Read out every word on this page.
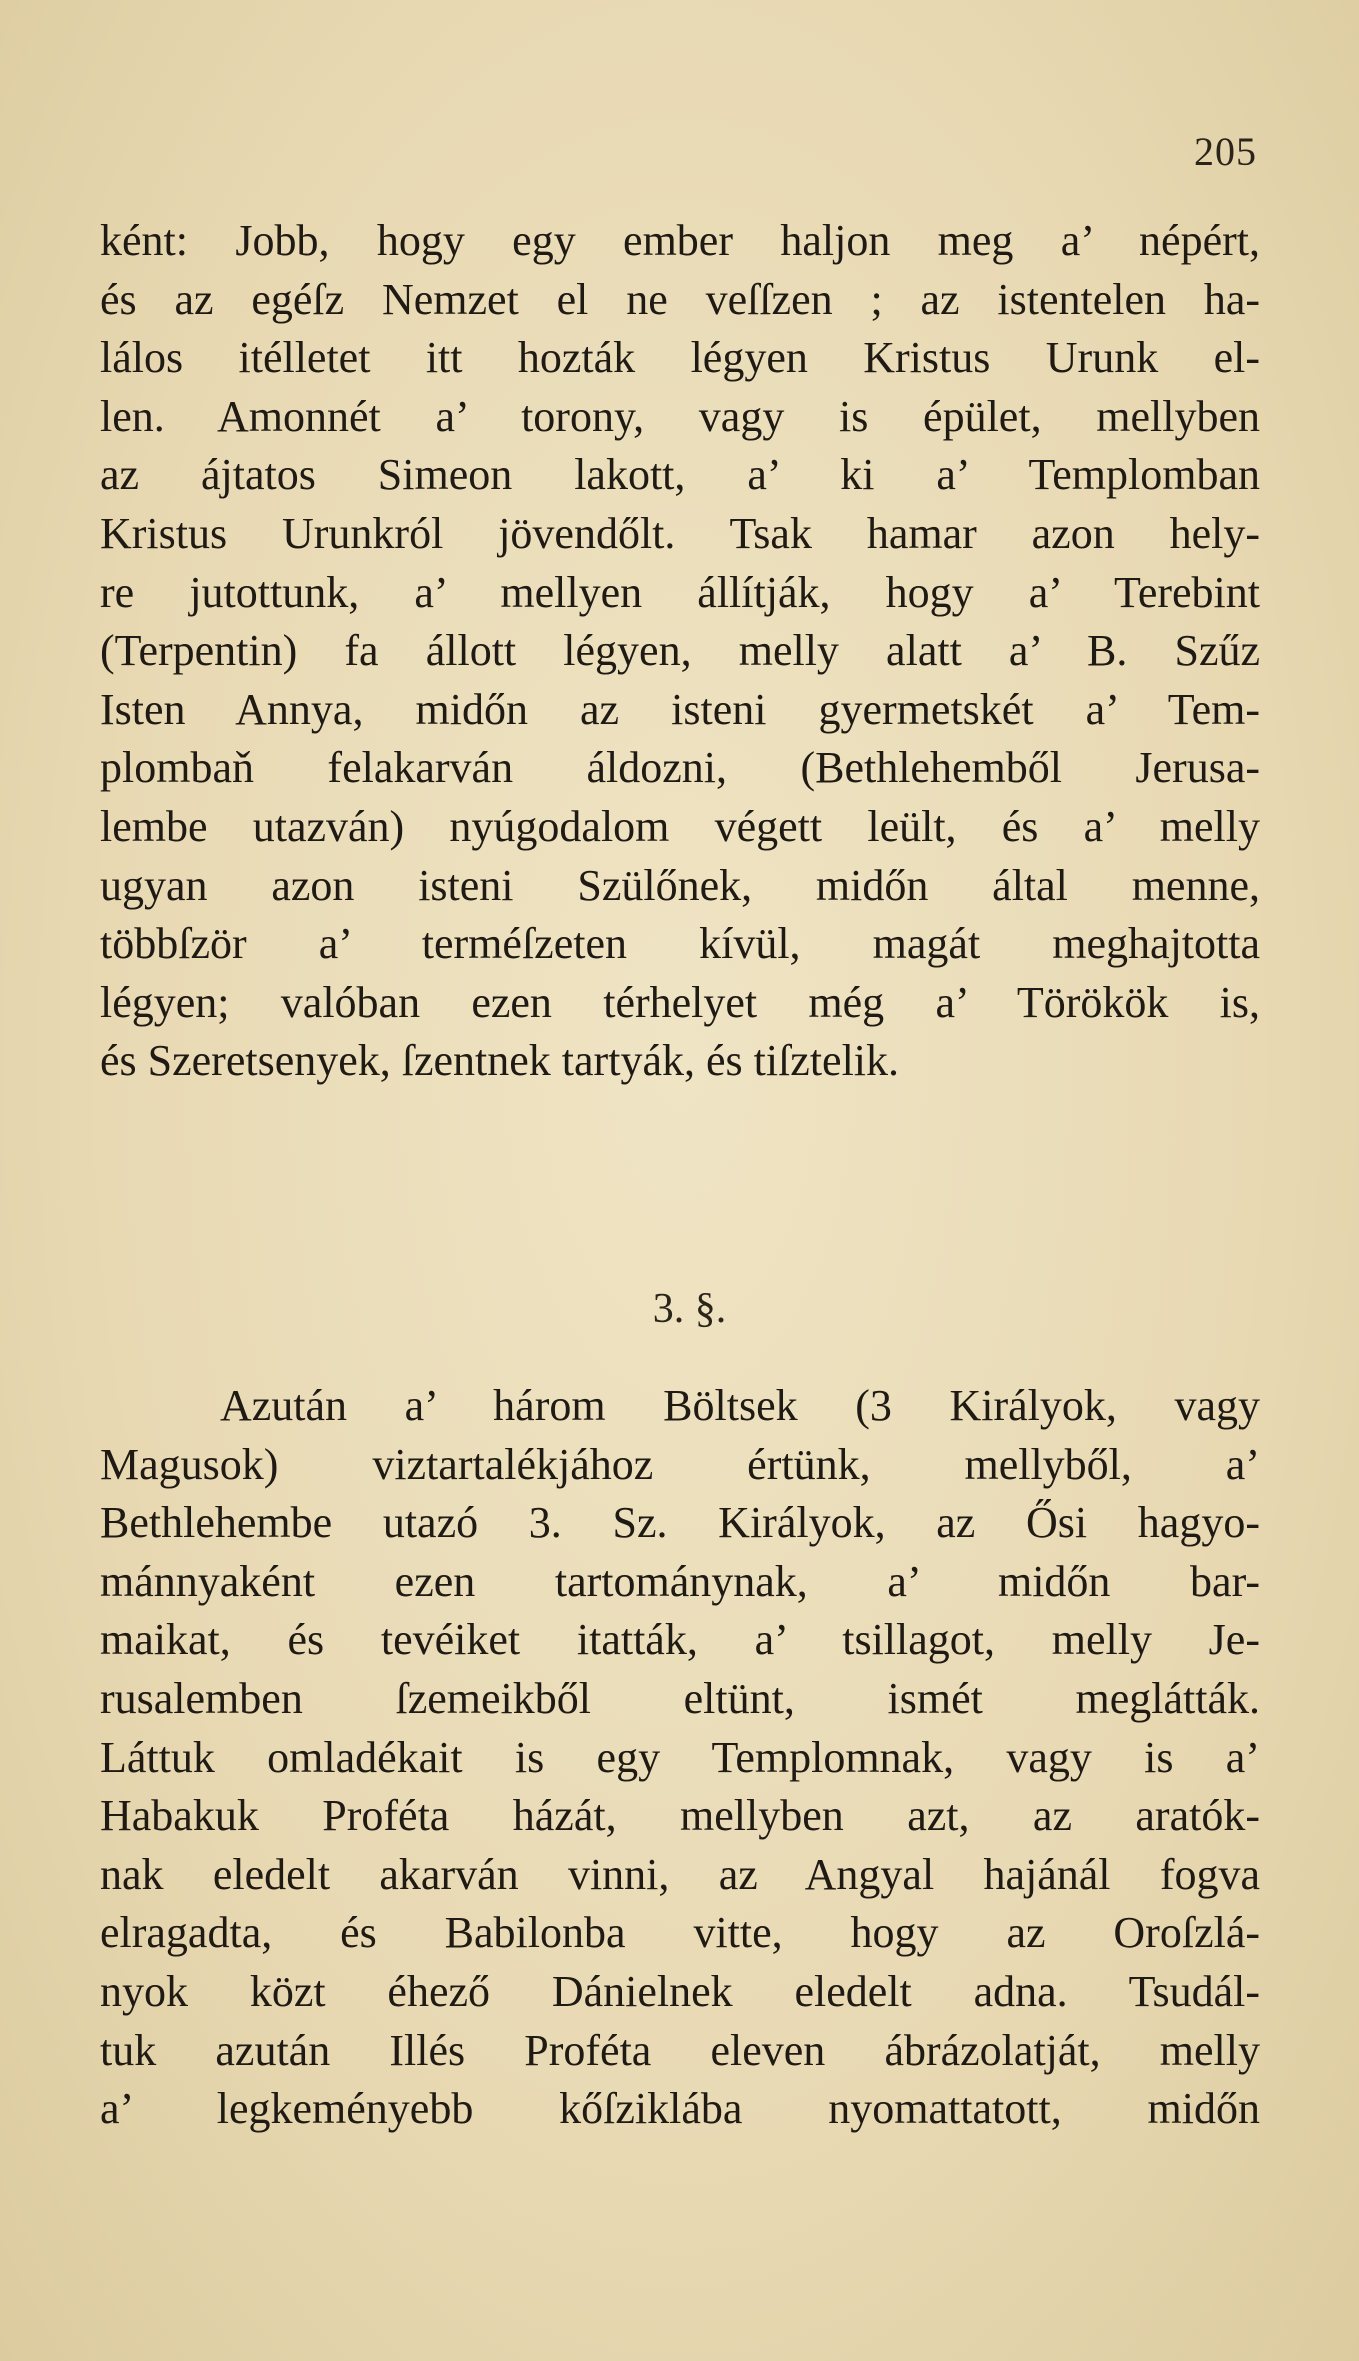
205
ként: Jobb, hogy egy ember haljon meg a’ népért,
és az egéſz Nemzet el ne veſſzen ; az istentelen ha-
lálos itélletet itt hozták légyen Kristus Urunk el-
len. Amonnét a’ torony, vagy is épület, mellyben
az ájtatos Simeon lakott, a’ ki a’ Templomban
Kristus Urunkról jövendőlt. Tsak hamar azon hely-
re jutottunk, a’ mellyen állítják, hogy a’ Terebint
(Terpentin) fa állott légyen, melly alatt a’ B. Szűz
Isten Annya, midőn az isteni gyermetskét a’ Tem-
plombaň felakarván áldozni, (Bethlehemből Jerusa-
lembe utazván) nyúgodalom végett leült, és a’ melly
ugyan azon isteni Szülőnek, midőn által menne,
többſzör a’ terméſzeten kívül, magát meghajtotta
légyen; valóban ezen térhelyet még a’ Törökök is,
és Szeretsenyek, ſzentnek tartyák, és tiſztelik.
3. §.
Azután a’ három Böltsek (3 Királyok, vagy
Magusok) viztartalékjához értünk, mellyből, a’
Bethlehembe utazó 3. Sz. Királyok, az Ősi hagyo-
mánnyaként ezen tartománynak, a’ midőn bar-
maikat, és tevéiket itatták, a’ tsillagot, melly Je-
rusalemben ſzemeikből eltünt, ismét meglátták.
Láttuk omladékait is egy Templomnak, vagy is a’
Habakuk Proféta házát, mellyben azt, az aratók-
nak eledelt akarván vinni, az Angyal hajánál fogva
elragadta, és Babilonba vitte, hogy az Oroſzlá-
nyok közt éhező Dánielnek eledelt adna. Tsudál-
tuk azután Illés Proféta eleven ábrázolatját, melly
a’ legkeményebb kőſziklába nyomattatott, midőn
